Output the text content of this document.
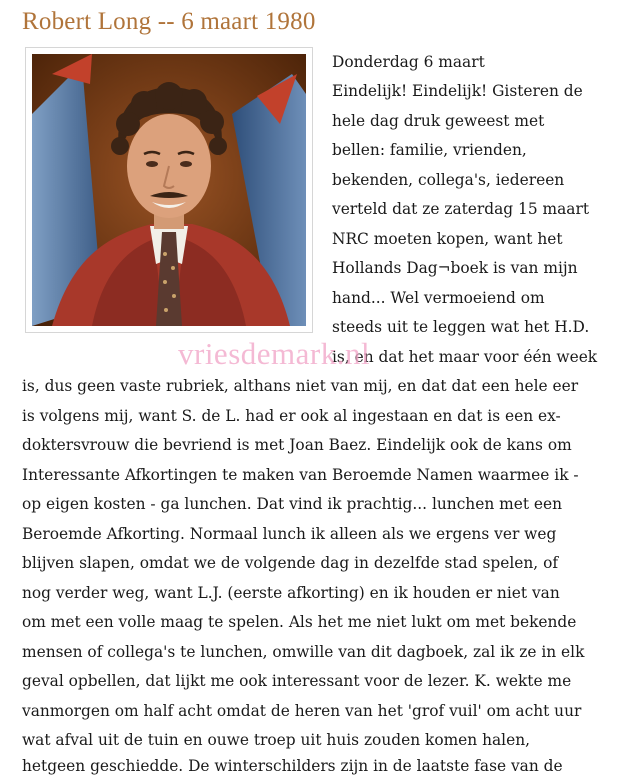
Robert Long -- 6 maart 1980
Donderdag 6 maart
Eindelijk! Eindelijk! Gisteren de
hele dag druk geweest met
bellen: familie, vrienden,
bekenden, collega's, iedereen
verteld dat ze zaterdag 15 maart
NRC moeten kopen, want het
Hollands Dag¬boek is van mijn
hand... Wel vermoeiend om
steeds uit te leggen wat het H.D.
is, en dat het maar voor één week
is, dus geen vaste rubriek, althans niet van mij, en dat dat een hele eer
is volgens mij, want S. de L. had er ook al ingestaan en dat is een ex-
doktersvrouw die bevriend is met Joan Baez. Eindelijk ook de kans om
Interessante Afkortingen te maken van Beroemde Namen waarmee ik -
op eigen kosten - ga lunchen. Dat vind ik prachtig... lunchen met een
Beroemde Afkorting. Normaal lunch ik alleen als we ergens ver weg
blijven slapen, omdat we de volgende dag in dezelfde stad spelen, of
nog verder weg, want L.J. (eerste afkorting) en ik houden er niet van
om met een volle maag te spelen. Als het me niet lukt om met bekende
mensen of collega's te lunchen, omwille van dit dagboek, zal ik ze in elk
geval opbellen, dat lijkt me ook interessant voor de lezer. K. wekte me
vanmorgen om half acht omdat de heren van het 'grof vuil' om acht uur
wat afval uit de tuin en ouwe troep uit huis zouden komen halen,
hetgeen geschiedde. De winterschilders zijn in de laatste fase van de
vriesdemark.nl
